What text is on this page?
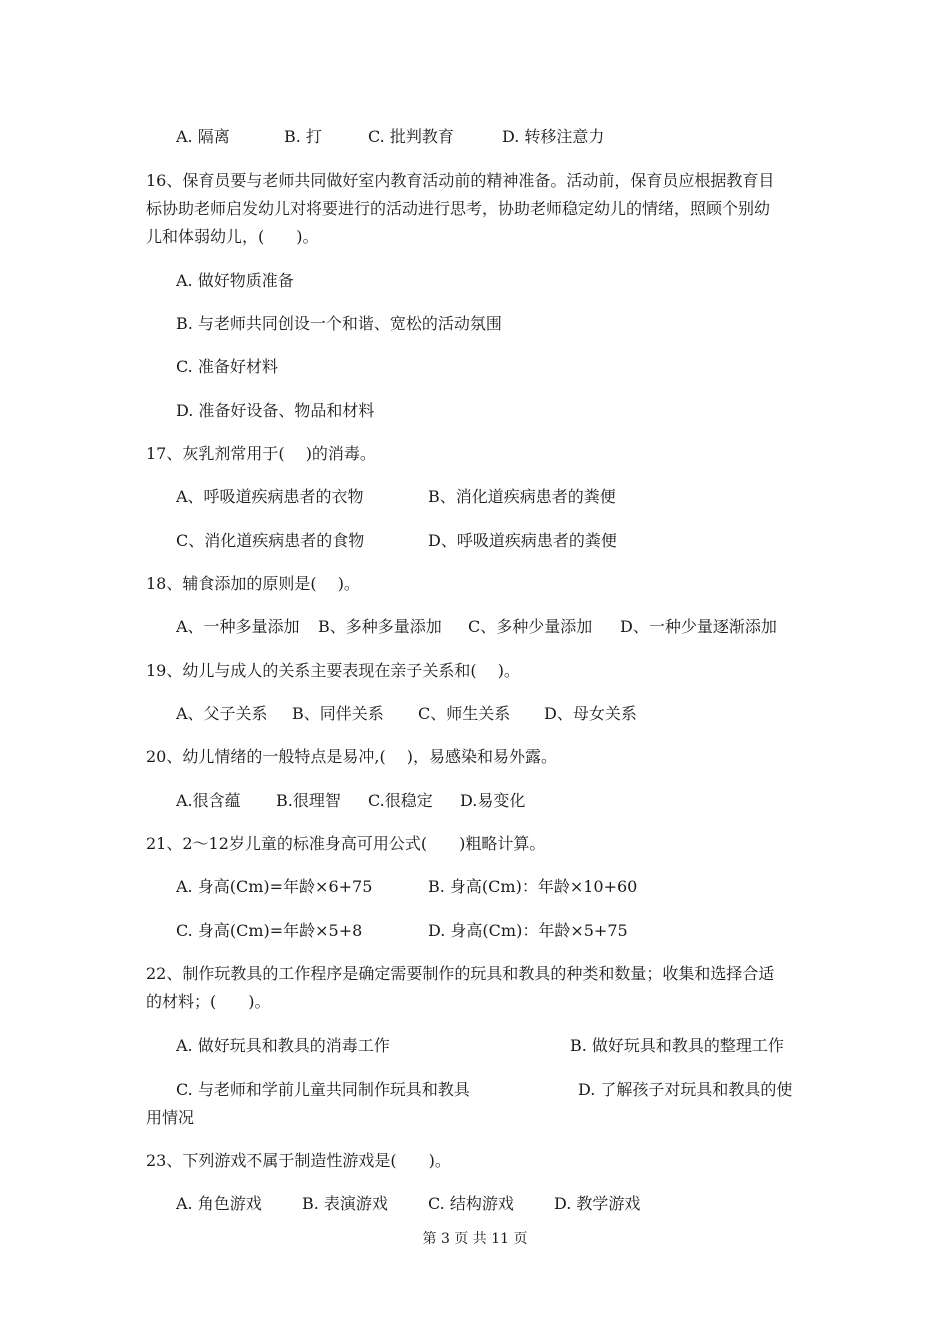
A. 隔离	B. 打	C. 批判教育	D. 转移注意力
16、保育员要与老师共同做好室内教育活动前的精神准备。活动前，保育员应根据教育目
标协助老师启发幼儿对将要进行的活动进行思考，协助老师稳定幼儿的情绪，照顾个别幼
儿和体弱幼儿，(　　)。
A. 做好物质准备
B. 与老师共同创设一个和谐、宽松的活动氛围
C. 准备好材料
D. 准备好设备、物品和材料
17、灰乳剂常用于(　 )的消毒。
A、呼吸道疾病患者的衣物	B、消化道疾病患者的粪便
C、消化道疾病患者的食物	D、呼吸道疾病患者的粪便
18、辅食添加的原则是(　 )。
A、一种多量添加 B、多种多量添加 C、多种少量添加 D、一种少量逐渐添加
19、幼儿与成人的关系主要表现在亲子关系和(　 )。
A、父子关系 B、同伴关系 C、师生关系 D、母女关系
20、幼儿情绪的一般特点是易冲,(　 )，易感染和易外露。
A.很含蕴 B.很理智 C.很稳定 D.易变化
21、2～12岁儿童的标准身高可用公式(　　)粗略计算。
A. 身高(Cm)=年龄×6+75	B. 身高(Cm)：年龄×10+60
C. 身高(Cm)=年龄×5+8	D. 身高(Cm)：年龄×5+75
22、制作玩教具的工作程序是确定需要制作的玩具和教具的种类和数量；收集和选择合适
的材料；(　　)。
A. 做好玩具和教具的消毒工作	B. 做好玩具和教具的整理工作
C. 与老师和学前儿童共同制作玩具和教具	D. 了解孩子对玩具和教具的使
用情况
23、下列游戏不属于制造性游戏是(　　)。
A. 角色游戏	B. 表演游戏	C. 结构游戏	D. 教学游戏
第 3 页 共 11 页
